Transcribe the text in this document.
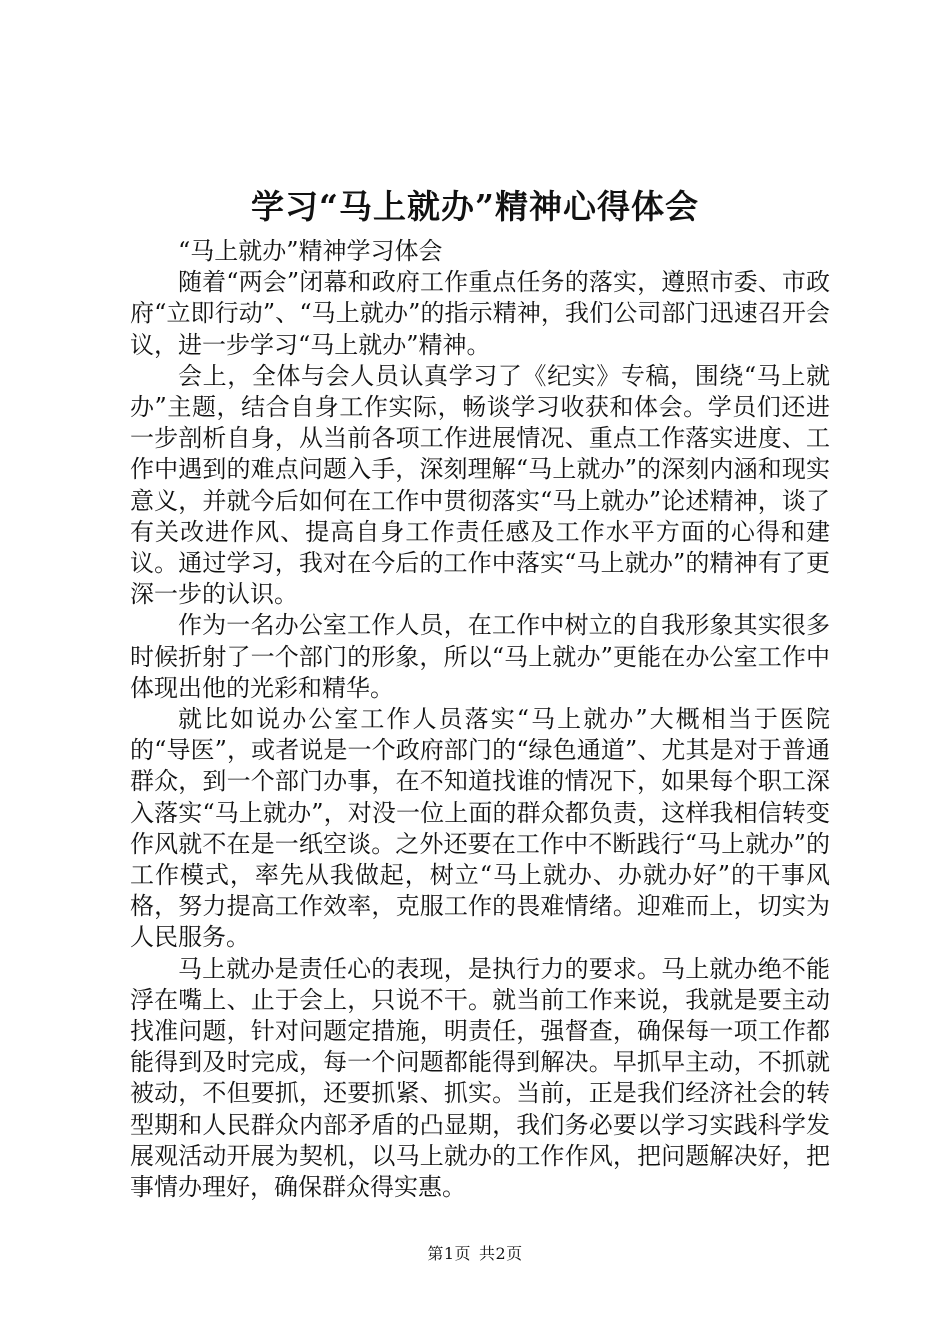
学习“马上就办”精神心得体会

“马上就办”精神学习体会

随着“两会”闭幕和政府工作重点任务的落实，遵照市委、市政府“立即行动”、“马上就办”的指示精神，我们公司部门迅速召开会议，进一步学习“马上就办”精神。

会上，全体与会人员认真学习了《纪实》专稿，围绕“马上就办”主题，结合自身工作实际，畅谈学习收获和体会。学员们还进一步剖析自身，从当前各项工作进展情况、重点工作落实进度、工作中遇到的难点问题入手，深刻理解“马上就办”的深刻内涵和现实意义，并就今后如何在工作中贯彻落实“马上就办”论述精神，谈了有关改进作风、提高自身工作责任感及工作水平方面的心得和建议。通过学习，我对在今后的工作中落实“马上就办”的精神有了更深一步的认识。

作为一名办公室工作人员，在工作中树立的自我形象其实很多时候折射了一个部门的形象，所以“马上就办”更能在办公室工作中体现出他的光彩和精华。

就比如说办公室工作人员落实“马上就办”大概相当于医院的“导医”，或者说是一个政府部门的“绿色通道”、尤其是对于普通群众，到一个部门办事，在不知道找谁的情况下，如果每个职工深入落实“马上就办”，对没一位上面的群众都负责，这样我相信转变作风就不在是一纸空谈。之外还要在工作中不断践行“马上就办”的工作模式，率先从我做起，树立“马上就办、办就办好”的干事风格，努力提高工作效率，克服工作的畏难情绪。迎难而上，切实为人民服务。

马上就办是责任心的表现，是执行力的要求。马上就办绝不能浮在嘴上、止于会上，只说不干。就当前工作来说，我就是要主动找准问题，针对问题定措施，明责任，强督查，确保每一项工作都能得到及时完成，每一个问题都能得到解决。早抓早主动，不抓就被动，不但要抓，还要抓紧、抓实。当前，正是我们经济社会的转型期和人民群众内部矛盾的凸显期，我们务必要以学习实践科学发展观活动开展为契机，以马上就办的工作作风，把问题解决好，把事情办理好，确保群众得实惠。

第1页 共2页
